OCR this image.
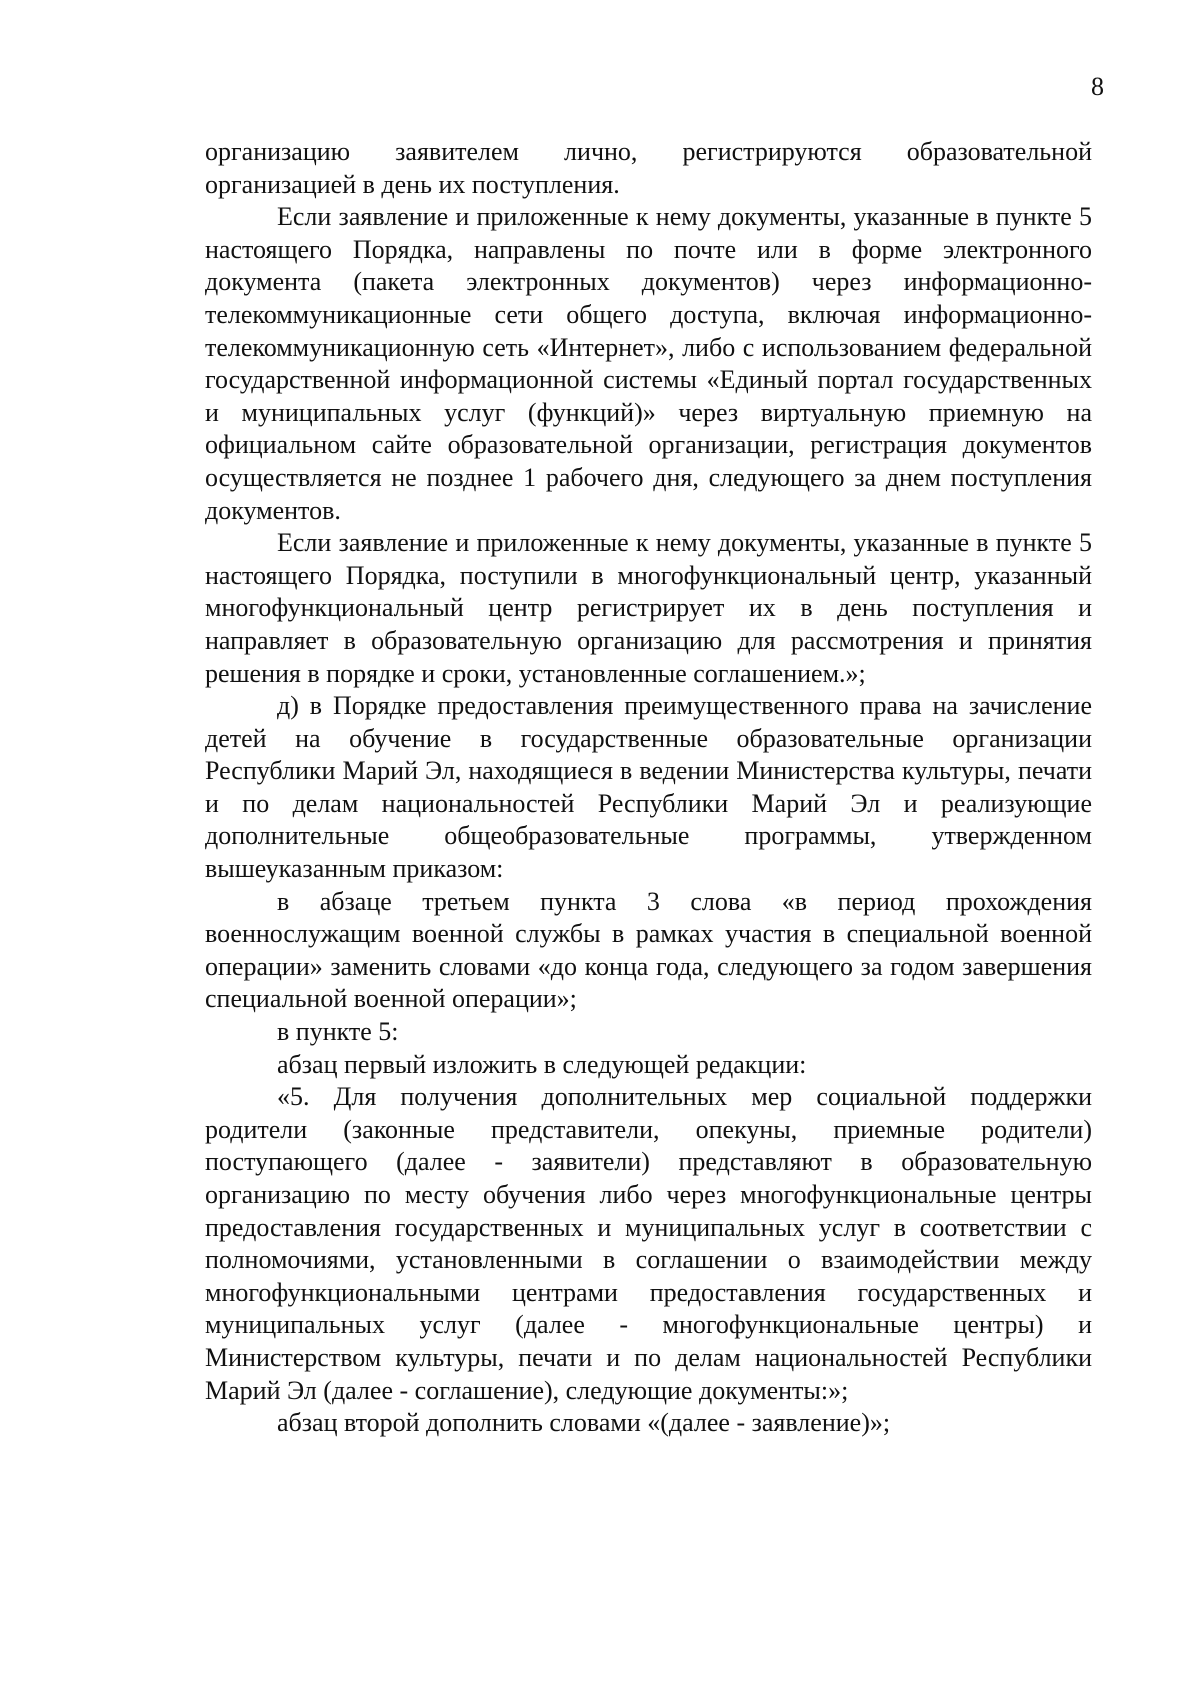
8

организацию заявителем лично, регистрируются образовательной организацией в день их поступления.

Если заявление и приложенные к нему документы, указанные в пункте 5 настоящего Порядка, направлены по почте или в форме электронного документа (пакета электронных документов) через информационно-телекоммуникационные сети общего доступа, включая информационно-телекоммуникационную сеть «Интернет», либо с использованием федеральной государственной информационной системы «Единый портал государственных и муниципальных услуг (функций)» через виртуальную приемную на официальном сайте образовательной организации, регистрация документов осуществляется не позднее 1 рабочего дня, следующего за днем поступления документов.

Если заявление и приложенные к нему документы, указанные в пункте 5 настоящего Порядка, поступили в многофункциональный центр, указанный многофункциональный центр регистрирует их в день поступления и направляет в образовательную организацию для рассмотрения и принятия решения в порядке и сроки, установленные соглашением.»;

д) в Порядке предоставления преимущественного права на зачисление детей на обучение в государственные образовательные организации Республики Марий Эл, находящиеся в ведении Министерства культуры, печати и по делам национальностей Республики Марий Эл и реализующие дополнительные общеобразовательные программы, утвержденном вышеуказанным приказом:

в абзаце третьем пункта 3 слова «в период прохождения военнослужащим военной службы в рамках участия в специальной военной операции» заменить словами «до конца года, следующего за годом завершения специальной военной операции»;

в пункте 5:

абзац первый изложить в следующей редакции:

«5. Для получения дополнительных мер социальной поддержки родители (законные представители, опекуны, приемные родители) поступающего (далее - заявители) представляют в образовательную организацию по месту обучения либо через многофункциональные центры предоставления государственных и муниципальных услуг в соответствии с полномочиями, установленными в соглашении о взаимодействии между многофункциональными центрами предоставления государственных и муниципальных услуг (далее - многофункциональные центры) и Министерством культуры, печати и по делам национальностей Республики Марий Эл (далее - соглашение), следующие документы:»;

абзац второй дополнить словами «(далее - заявление)»;
